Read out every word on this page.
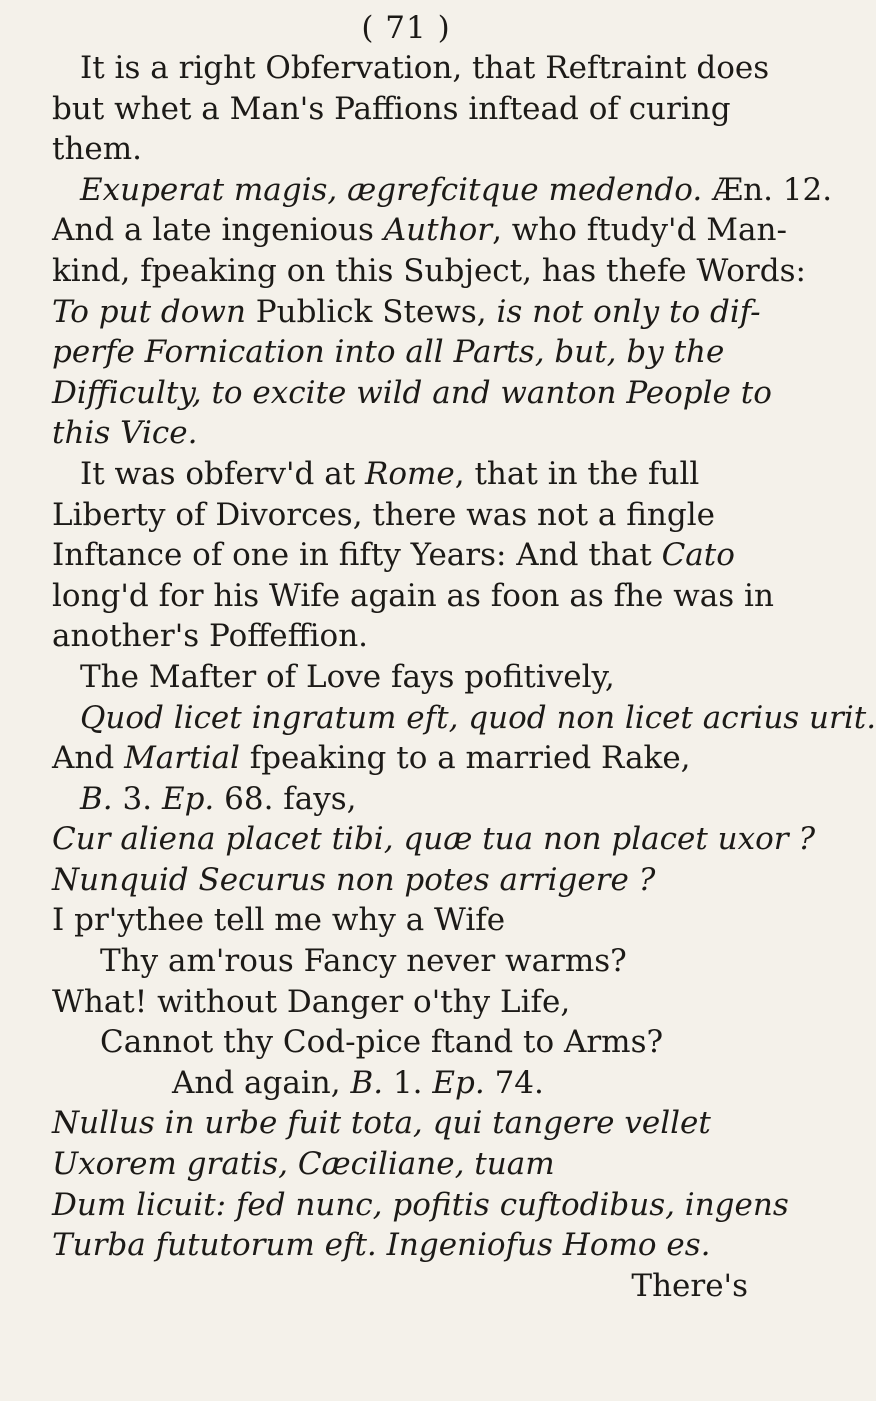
( 71 )
It is a right Obfervation, that Reftraint does
but whet a Man's Paffions inftead of curing
them.
Exuperat magis, ægrefcitque medendo. Æn. 12.
And a late ingenious Author, who ftudy'd Man-
kind, fpeaking on this Subject, has thefe Words:
To put down Publick Stews, is not only to dif-
perfe Fornication into all Parts, but, by the
Difficulty, to excite wild and wanton People to
this Vice.
It was obferv'd at Rome, that in the full
Liberty of Divorces, there was not a fingle
Inftance of one in fifty Years: And that Cato
long'd for his Wife again as foon as fhe was in
another's Poffeffion.
The Mafter of Love fays pofitively,
Quod licet ingratum eft, quod non licet acrius urit.
And Martial fpeaking to a married Rake,
B. 3. Ep. 68. fays,
Cur aliena placet tibi, quæ tua non placet uxor ?
Nunquid Securus non potes arrigere ?
I pr'ythee tell me why a Wife
Thy am'rous Fancy never warms?
What! without Danger o'thy Life,
Cannot thy Cod-pice ftand to Arms?
And again, B. 1. Ep. 74.
Nullus in urbe fuit tota, qui tangere vellet
Uxorem gratis, Cæciliane, tuam
Dum licuit: fed nunc, pofitis cuftodibus, ingens
Turba fututorum eft. Ingeniofus Homo es.
There's
